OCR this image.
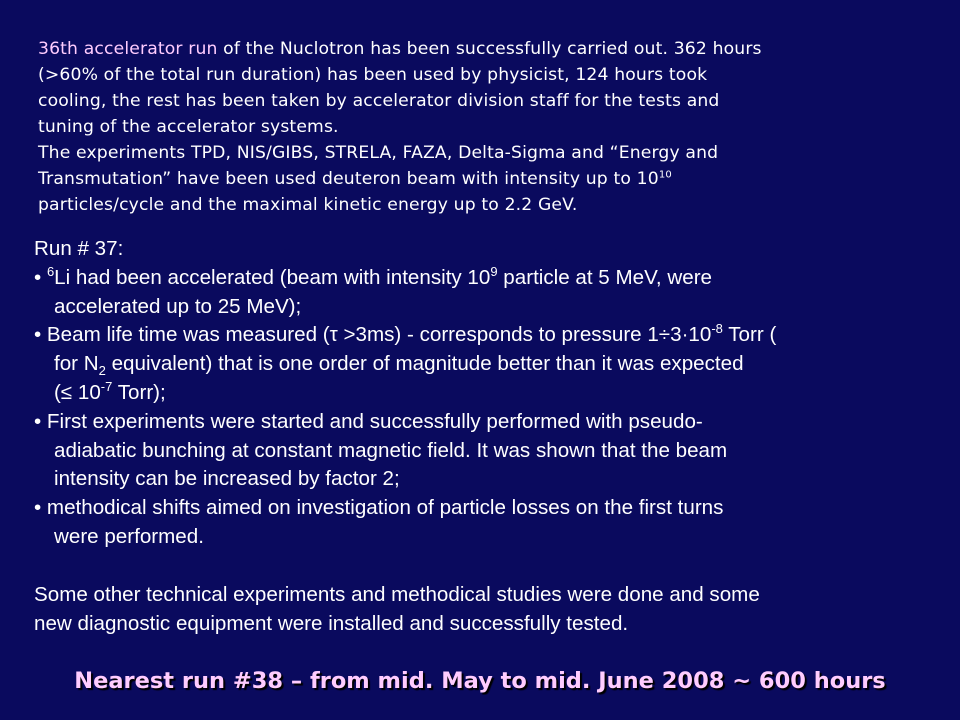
36th accelerator run of the Nuclotron has been successfully carried out. 362 hours

(>60% of the total run duration) has been used by physicist, 124 hours took

cooling, the rest has been taken by accelerator division staff for the tests and

tuning of the accelerator systems.

The experiments TPD, NIS/GIBS, STRELA, FAZA, Delta-Sigma and “Energy and

Transmutation” have been used deuteron beam with intensity up to $10^{10}$

particles/cycle and the maximal kinetic energy up to 2.2 GeV.

Run # 37:

• $^6$Li had been accelerated (beam with intensity $10^9$ particle at 5 MeV, were

accelerated up to 25 MeV);

• Beam life time was measured (τ >3ms) - corresponds to pressure $1\div 3\cdot 10^{-8}$ Torr (

for $N_2$ equivalent) that is one order of magnitude better than it was expected

(≤ $10^{-7}$ Torr);

• First experiments were started and successfully performed with pseudo-

adiabatic bunching at constant magnetic field. It was shown that the beam

intensity can be increased by factor 2;

• methodical shifts aimed on investigation of particle losses on the first turns

were performed.

Some other technical experiments and methodical studies were done and some

new diagnostic equipment were installed and successfully tested.

Nearest run #38 – from mid. May to mid. June 2008 ~ 600 hours
